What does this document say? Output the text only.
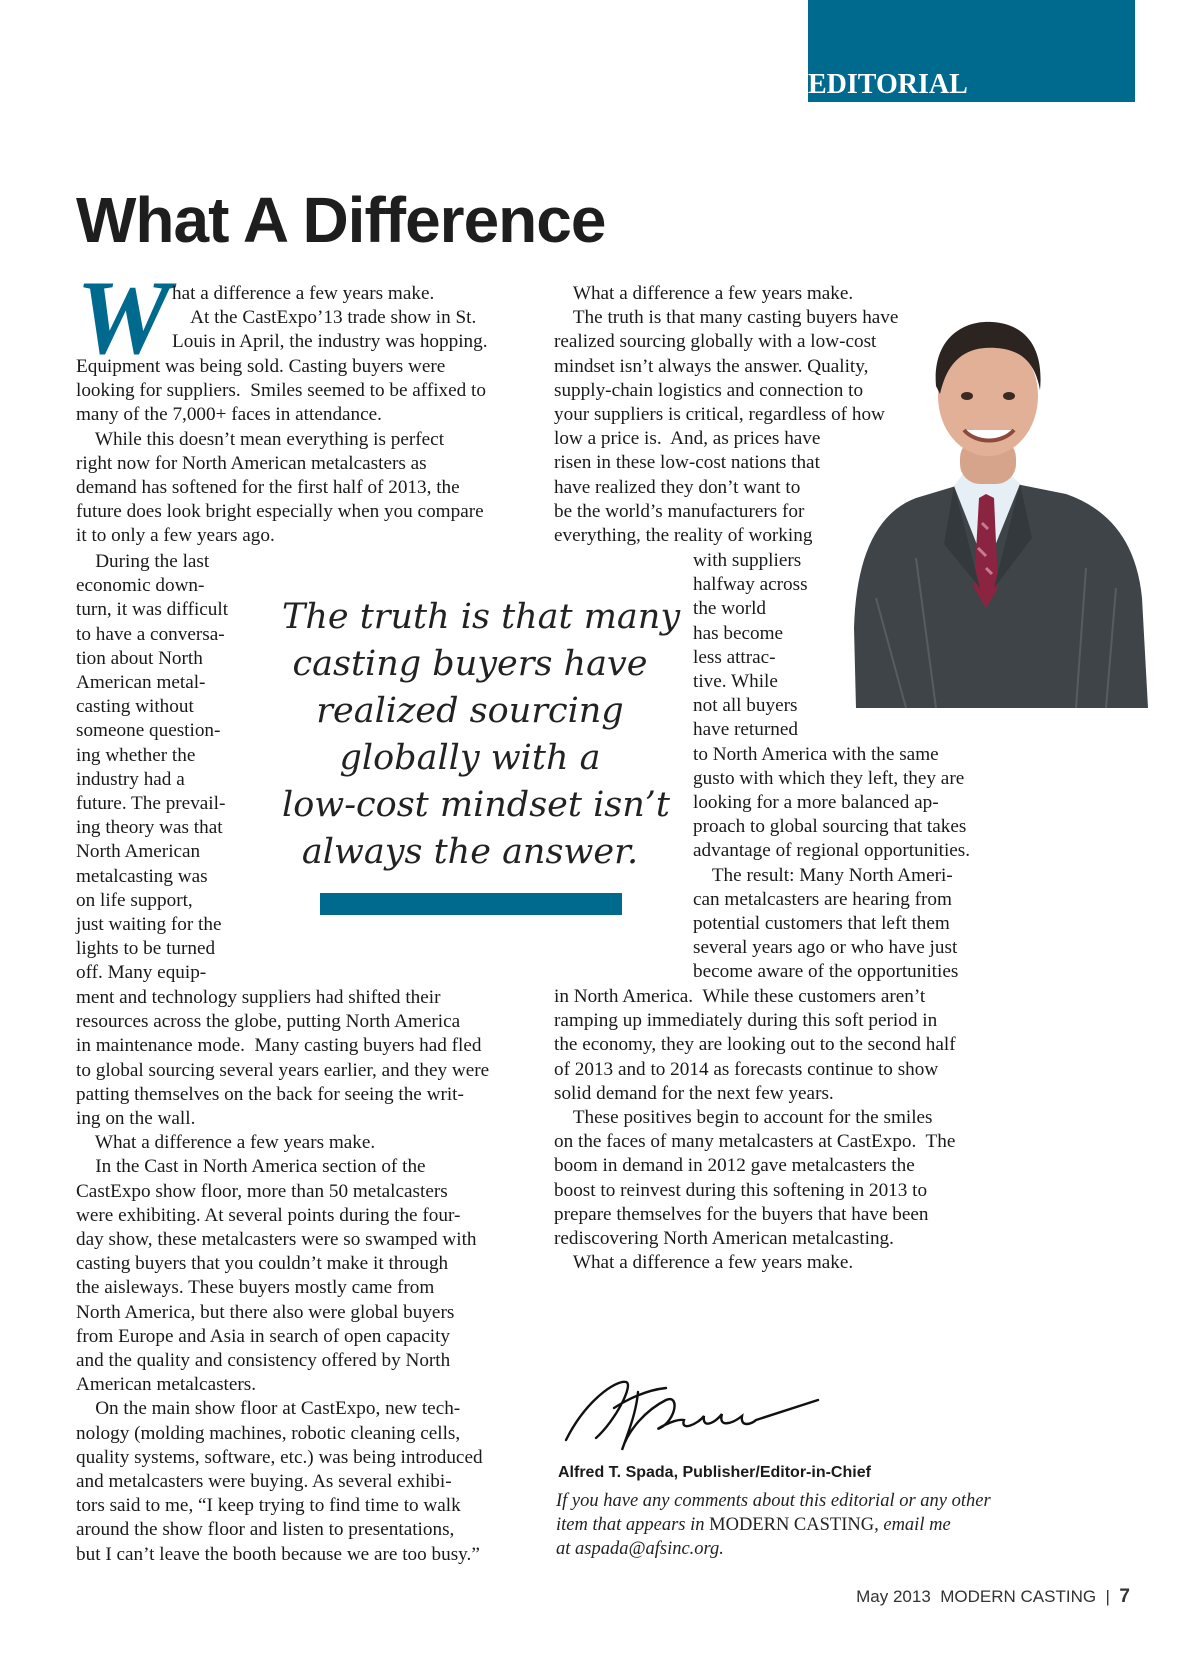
EDITORIAL
What A Difference
W hat a difference a few years make.
At the CastExpo’13 trade show in St.
Louis in April, the industry was hopping.
Equipment was being sold. Casting buyers were
looking for suppliers.  Smiles seemed to be affixed to
many of the 7,000+ faces in attendance.
While this doesn’t mean everything is perfect
right now for North American metalcasters as
demand has softened for the first half of 2013, the
future does look bright especially when you compare
it to only a few years ago.
During the last
economic down-
turn, it was difficult
to have a conversa-
tion about North
American metal-
casting without
someone question-
ing whether the
industry had a
future. The prevail-
ing theory was that
North American
metalcasting was
on life support,
just waiting for the
lights to be turned
off. Many equip-
ment and technology suppliers had shifted their
resources across the globe, putting North America
in maintenance mode.  Many casting buyers had fled
to global sourcing several years earlier, and they were
patting themselves on the back for seeing the writ-
ing on the wall.
What a difference a few years make.
In the Cast in North America section of the
CastExpo show floor, more than 50 metalcasters
were exhibiting. At several points during the four-
day show, these metalcasters were so swamped with
casting buyers that you couldn’t make it through
the aisleways. These buyers mostly came from
North America, but there also were global buyers
from Europe and Asia in search of open capacity
and the quality and consistency offered by North
American metalcasters.
On the main show floor at CastExpo, new tech-
nology (molding machines, robotic cleaning cells,
quality systems, software, etc.) was being introduced
and metalcasters were buying. As several exhibi-
tors said to me, “I keep trying to find time to walk
around the show floor and listen to presentations,
but I can’t leave the booth because we are too busy.”
What a difference a few years make.
The truth is that many casting buyers have
realized sourcing globally with a low-cost
mindset isn’t always the answer. Quality,
supply-chain logistics and connection to
your suppliers is critical, regardless of how
low a price is.  And, as prices have
risen in these low-cost nations that
have realized they don’t want to
be the world’s manufacturers for
everything, the reality of working
with suppliers
halfway across
the world
has become
less attrac-
tive. While
not all buyers
have returned
to North America with the same
gusto with which they left, they are
looking for a more balanced ap-
proach to global sourcing that takes
advantage of regional opportunities.
The result: Many North Ameri-
can metalcasters are hearing from
potential customers that left them
several years ago or who have just
become aware of the opportunities
in North America.  While these customers aren’t
ramping up immediately during this soft period in
the economy, they are looking out to the second half
of 2013 and to 2014 as forecasts continue to show
solid demand for the next few years.
These positives begin to account for the smiles
on the faces of many metalcasters at CastExpo.  The
boom in demand in 2012 gave metalcasters the
boost to reinvest during this softening in 2013 to
prepare themselves for the buyers that have been
rediscovering North American metalcasting.
What a difference a few years make.
The truth is that many
casting buyers have
realized sourcing
globally with a
low-cost mindset isn’t
always the answer.
Alfred T. Spada, Publisher/Editor-in-Chief
If you have any comments about this editorial or any other
item that appears in MODERN CASTING, email me
at aspada@afsinc.org.
May 2013  MODERN CASTING | 7
